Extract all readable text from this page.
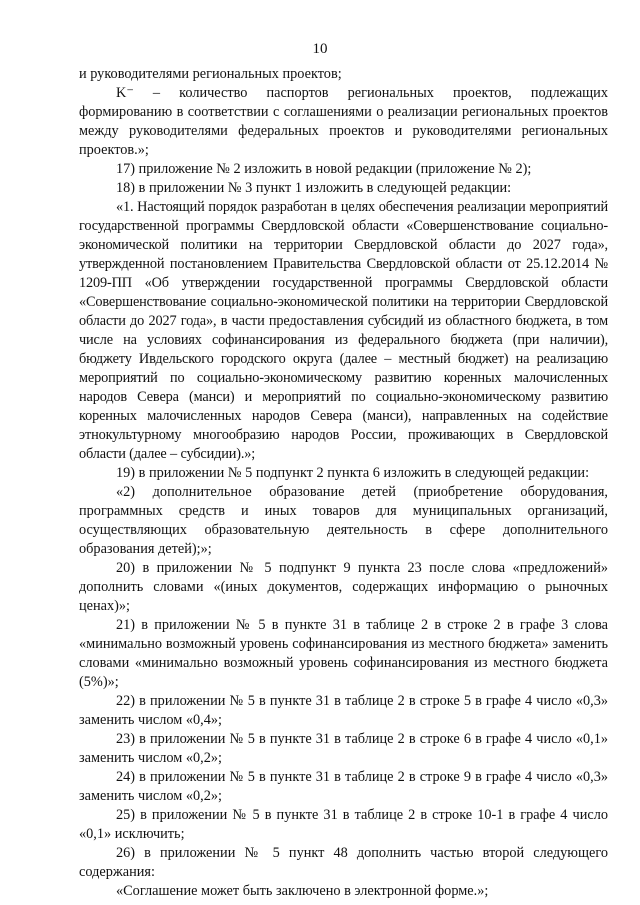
10

и руководителями региональных проектов;

K⁻ – количество паспортов региональных проектов, подлежащих формированию в соответствии с соглашениями о реализации региональных проектов между руководителями федеральных проектов и руководителями региональных проектов.»;

17) приложение № 2 изложить в новой редакции (приложение № 2);

18) в приложении № 3 пункт 1 изложить в следующей редакции:

«1. Настоящий порядок разработан в целях обеспечения реализации мероприятий государственной программы Свердловской области «Совершенствование социально-экономической политики на территории Свердловской области до 2027 года», утвержденной постановлением Правительства Свердловской области от 25.12.2014 № 1209-ПП «Об утверждении государственной программы Свердловской области «Совершенствование социально-экономической политики на территории Свердловской области до 2027 года», в части предоставления субсидий из областного бюджета, в том числе на условиях софинансирования из федерального бюджета (при наличии), бюджету Ивдельского городского округа (далее – местный бюджет) на реализацию мероприятий по социально-экономическому развитию коренных малочисленных народов Севера (манси) и мероприятий по социально-экономическому развитию коренных малочисленных народов Севера (манси), направленных на содействие этнокультурному многообразию народов России, проживающих в Свердловской области (далее – субсидии).»;

19) в приложении № 5 подпункт 2 пункта 6 изложить в следующей редакции:

«2) дополнительное образование детей (приобретение оборудования, программных средств и иных товаров для муниципальных организаций, осуществляющих образовательную деятельность в сфере дополнительного образования детей);»;

20) в приложении № 5 подпункт 9 пункта 23 после слова «предложений» дополнить словами «(иных документов, содержащих информацию о рыночных ценах)»;

21) в приложении № 5 в пункте 31 в таблице 2 в строке 2 в графе 3 слова «минимально возможный уровень софинансирования из местного бюджета» заменить словами «минимально возможный уровень софинансирования из местного бюджета (5%)»;

22) в приложении № 5 в пункте 31 в таблице 2 в строке 5 в графе 4 число «0,3» заменить числом «0,4»;

23) в приложении № 5 в пункте 31 в таблице 2 в строке 6 в графе 4 число «0,1» заменить числом «0,2»;

24) в приложении № 5 в пункте 31 в таблице 2 в строке 9 в графе 4 число «0,3» заменить числом «0,2»;

25) в приложении № 5 в пункте 31 в таблице 2 в строке 10-1 в графе 4 число «0,1» исключить;

26) в приложении № 5 пункт 48 дополнить частью второй следующего содержания:

«Соглашение может быть заключено в электронной форме.»;
